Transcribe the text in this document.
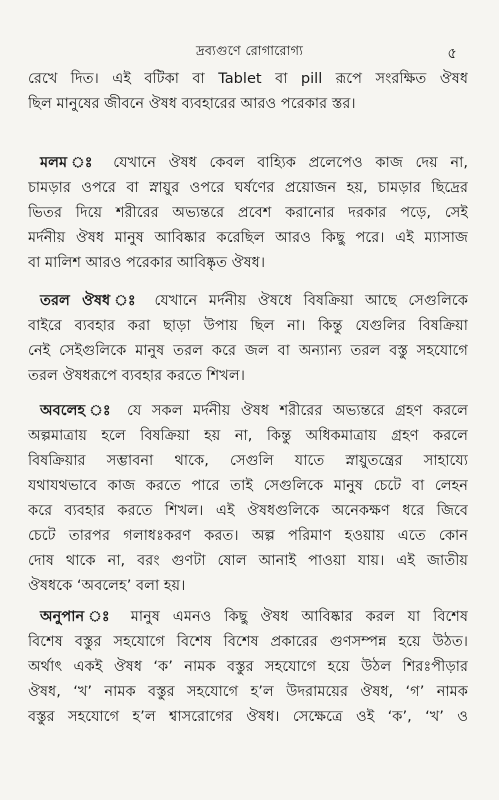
দ্রব্যগুণে রোগারোগ্য	৫
রেখে দিত। এই বটিকা বা Tablet বা pill রূপে সংরক্ষিত ঔষধ
ছিল মানুষের জীবনে ঔষধ ব্যবহারের আরও পরেকার স্তর।
মলম ঃ যেখানে ঔষধ কেবল বাহ্যিক প্রলেপেও কাজ দেয় না,
চামড়ার ওপরে বা স্নায়ুর ওপরে ঘর্ষণের প্রয়োজন হয়, চামড়ার ছিদ্রের
ভিতর দিয়ে শরীরের অভ্যন্তরে প্রবেশ করানোর দরকার পড়ে, সেই
মর্দনীয় ঔষধ মানুষ আবিষ্কার করেছিল আরও কিছু পরে। এই ম্যাসাজ
বা মালিশ আরও পরেকার আবিষ্কৃত ঔষধ।
তরল ঔষধ ঃ যেখানে মর্দনীয় ঔষধে বিষক্রিয়া আছে সেগুলিকে
বাইরে ব্যবহার করা ছাড়া উপায় ছিল না। কিন্তু যেগুলির বিষক্রিয়া
নেই সেইগুলিকে মানুষ তরল করে জল বা অন্যান্য তরল বস্তু সহযোগে
তরল ঔষধরূপে ব্যবহার করতে শিখল।
অবলেহ ঃ যে সকল মর্দনীয় ঔষধ শরীরের অভ্যন্তরে গ্রহণ করলে
অল্পমাত্রায় হলে বিষক্রিয়া হয় না, কিন্তু অধিকমাত্রায় গ্রহণ করলে
বিষক্রিয়ার সম্ভাবনা থাকে, সেগুলি যাতে স্নায়ুতন্ত্রের সাহায্যে
যথাযথভাবে কাজ করতে পারে তাই সেগুলিকে মানুষ চেটে বা লেহন
করে ব্যবহার করতে শিখল। এই ঔষধগুলিকে অনেকক্ষণ ধরে জিবে
চেটে তারপর গলাধঃকরণ করত। অল্প পরিমাণ হওয়ায় এতে কোন
দোষ থাকে না, বরং গুণটা ষোল আনাই পাওয়া যায়। এই জাতীয়
ঔষধকে ‘অবলেহ’ বলা হয়।
অনুপান ঃ মানুষ এমনও কিছু ঔষধ আবিষ্কার করল যা বিশেষ
বিশেষ বস্তুর সহযোগে বিশেষ বিশেষ প্রকারের গুণসম্পন্ন হয়ে উঠত।
অর্থাৎ একই ঔষধ ‘ক’ নামক বস্তুর সহযোগে হয়ে উঠল শিরঃপীড়ার
ঔষধ, ‘খ’ নামক বস্তুর সহযোগে হ’ল উদরাময়ের ঔষধ, ‘গ’ নামক
বস্তুর সহযোগে হ’ল শ্বাসরোগের ঔষধ। সেক্ষেত্রে ওই ‘ক’, ‘খ’ ও
